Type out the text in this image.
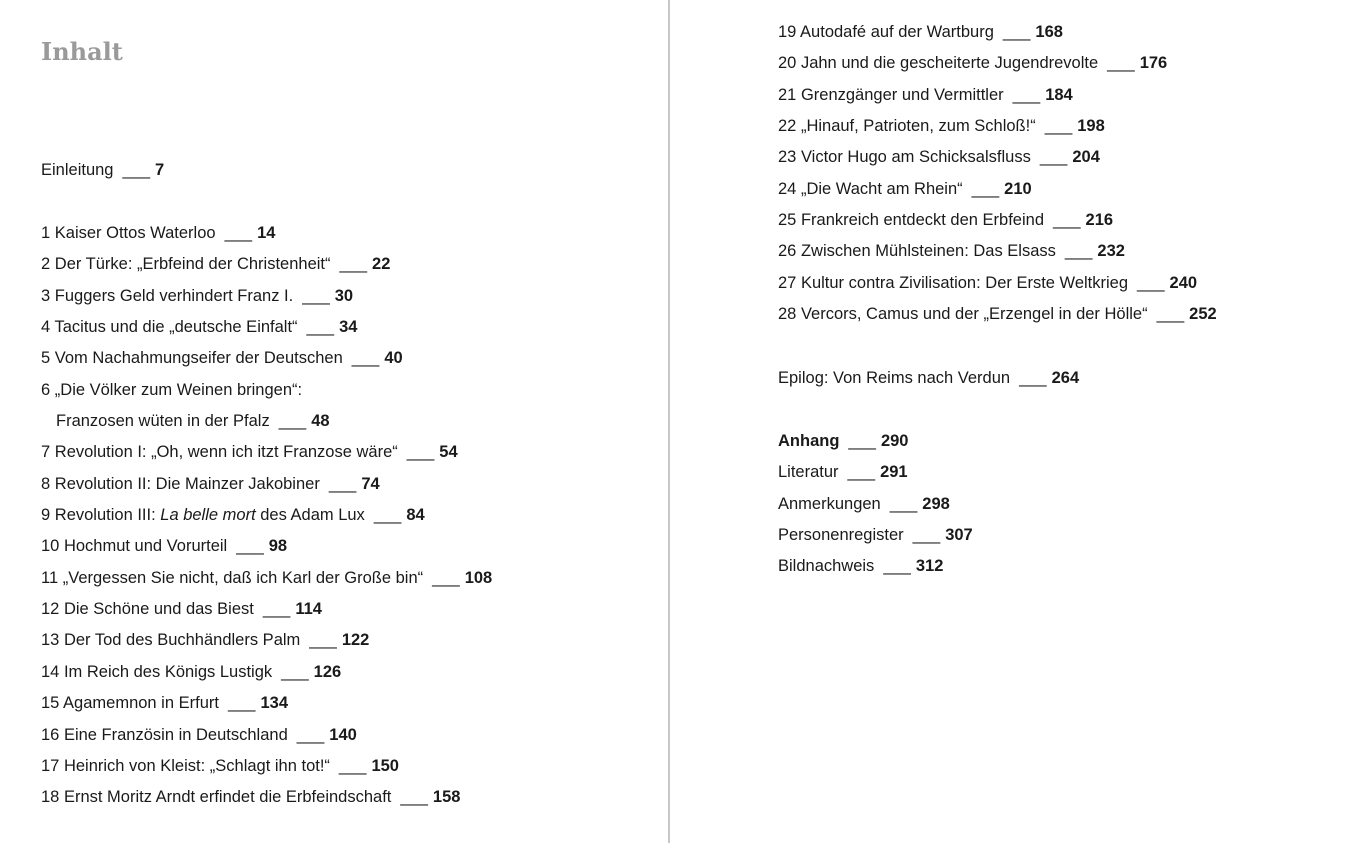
Inhalt
Einleitung ___ 7
1 Kaiser Ottos Waterloo ___ 14
2 Der Türke: „Erbfeind der Christenheit“ ___ 22
3 Fuggers Geld verhindert Franz I. ___ 30
4 Tacitus und die „deutsche Einfalt“ ___ 34
5 Vom Nachahmungseifer der Deutschen ___ 40
6 „Die Völker zum Weinen bringen“:
Franzosen wüten in der Pfalz ___ 48
7 Revolution I: „Oh, wenn ich itzt Franzose wäre“ ___ 54
8 Revolution II: Die Mainzer Jakobiner ___ 74
9 Revolution III: La belle mort des Adam Lux ___ 84
10 Hochmut und Vorurteil ___ 98
11 „Vergessen Sie nicht, daß ich Karl der Große bin“ ___ 108
12 Die Schöne und das Biest ___ 114
13 Der Tod des Buchhändlers Palm ___ 122
14 Im Reich des Königs Lustigk ___ 126
15 Agamemnon in Erfurt ___ 134
16 Eine Französin in Deutschland ___ 140
17 Heinrich von Kleist: „Schlagt ihn tot!“ ___ 150
18 Ernst Moritz Arndt erfindet die Erbfeindschaft ___ 158
19 Autodafé auf der Wartburg ___ 168
20 Jahn und die gescheiterte Jugendrevolte ___ 176
21 Grenzgänger und Vermittler ___ 184
22 „Hinauf, Patrioten, zum Schloß!“ ___ 198
23 Victor Hugo am Schicksalsfluss ___ 204
24 „Die Wacht am Rhein“ ___ 210
25 Frankreich entdeckt den Erbfeind ___ 216
26 Zwischen Mühlsteinen: Das Elsass ___ 232
27 Kultur contra Zivilisation: Der Erste Weltkrieg ___ 240
28 Vercors, Camus und der „Erzengel in der Hölle“ ___ 252
Epilog: Von Reims nach Verdun ___ 264
Anhang ___ 290
Literatur ___ 291
Anmerkungen ___ 298
Personenregister ___ 307
Bildnachweis ___ 312
